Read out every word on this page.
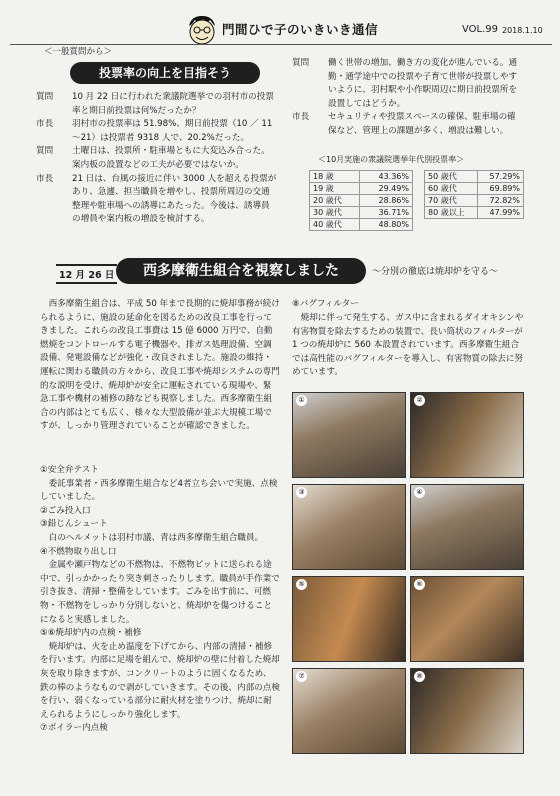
門間ひで子のいきいき通信	VOL.99 2018.1.10
＜一般質問から＞
投票率の向上を目指そう
質問	10 月 22 日に行われた衆議院選挙での羽村市の投票率と期日前投票は何%だったか？
市長	羽村市の投票率は 51.98%、期日前投票（10 ／ 11 ～21）は投票者 9318 人で、20.2%だった。
質問	土曜日は、投票所・駐車場ともに大変込み合った。案内板の設置などの工夫が必要ではないか。
市長	21 日は、台風の接近に伴い 3000 人を超える投票があり、急遽、担当職員を増やし、投票所周辺の交通整理や駐車場への誘導にあたった。今後は、誘導員の増員や案内板の増設を検討する。
質問	働く世帯の増加、働き方の変化が進んでいる。通勤・通学途中での投票や子育て世帯が投票しやすいように、羽村駅や小作駅周辺に期日前投票所を設置してはどうか。
市長	セキュリティや投票スペースの確保、駐車場の確保など、管理上の課題が多く、増設は難しい。
＜10月実施の衆議院選挙年代別投票率＞
18 歳	43.36%
19 歳	29.49%
20 歳代	28.86%
30 歳代	36.71%
40 歳代	48.80%
50 歳代	57.29%
60 歳代	69.89%
70 歳代	72.82%
80 歳以上	47.99%
12 月 26 日	西多摩衛生組合を視察しました	～分別の徹底は焼却炉を守る～
西多摩衛生組合は、平成 50 年まで長期的に焼却事務が続けられるように、施設の延命化を図るための改良工事を行ってきました。これらの改良工事費は 15 億 6000 万円で、自動燃焼をコントロールする電子機器や、排ガス処理設備、空調設備、発電設備などが強化・改良されました。施設の維持・運転に関わる職員の方々から、改良工事や焼却システムの専門的な説明を受け、焼却炉が安全に運転されている現場や、緊急工事や機材の補修の跡なども視察しました。西多摩衛生組合の内部はとても広く、様々な大型設備が並ぶ大規模工場ですが、しっかり管理されていることが確認できました。
①安全弁テスト
委託事業者・西多摩衛生組合など4者立ち会いで実施、点検していました。
②ごみ投入口
③鉛じんシュート
白のヘルメットは羽村市議、青は西多摩衛生組合職員。
④不燃物取り出し口
金属や瀬戸物などの不燃物は、不燃物ピットに送られる途中で、引っかかったり突き刺さったりします。職員が手作業で引き抜き、清掃・整備をしています。ごみを出す前に、可燃物・不燃物をしっかり分別しないと、焼却炉を傷つけることになると実感しました。
⑤⑥焼却炉内の点検・補修
焼却炉は、火を止め温度を下げてから、内部の清掃・補修を行います。内部に足場を組んで、焼却炉の壁に付着した焼却灰を取り除きますが、コンクリートのように固くなるため、鉄の棒のようなもので剥がしていきます。その後、内部の点検を行い、弱くなっている部分に耐火材を塗りつけ、焼却に耐えられるようにしっかり強化します。
⑦ボイラー内点検
⑧バグフィルター
焼却に伴って発生する、ガス中に含まれるダイオキシンや有害物質を除去するための装置で、長い筒状のフィルターが 1 つの焼却炉に 560 本設置されています。西多摩衛生組合では高性能のバグフィルターを導入し、有害物質の除去に努めています。
①	②
③	④
⑤	⑥
⑦	⑧
